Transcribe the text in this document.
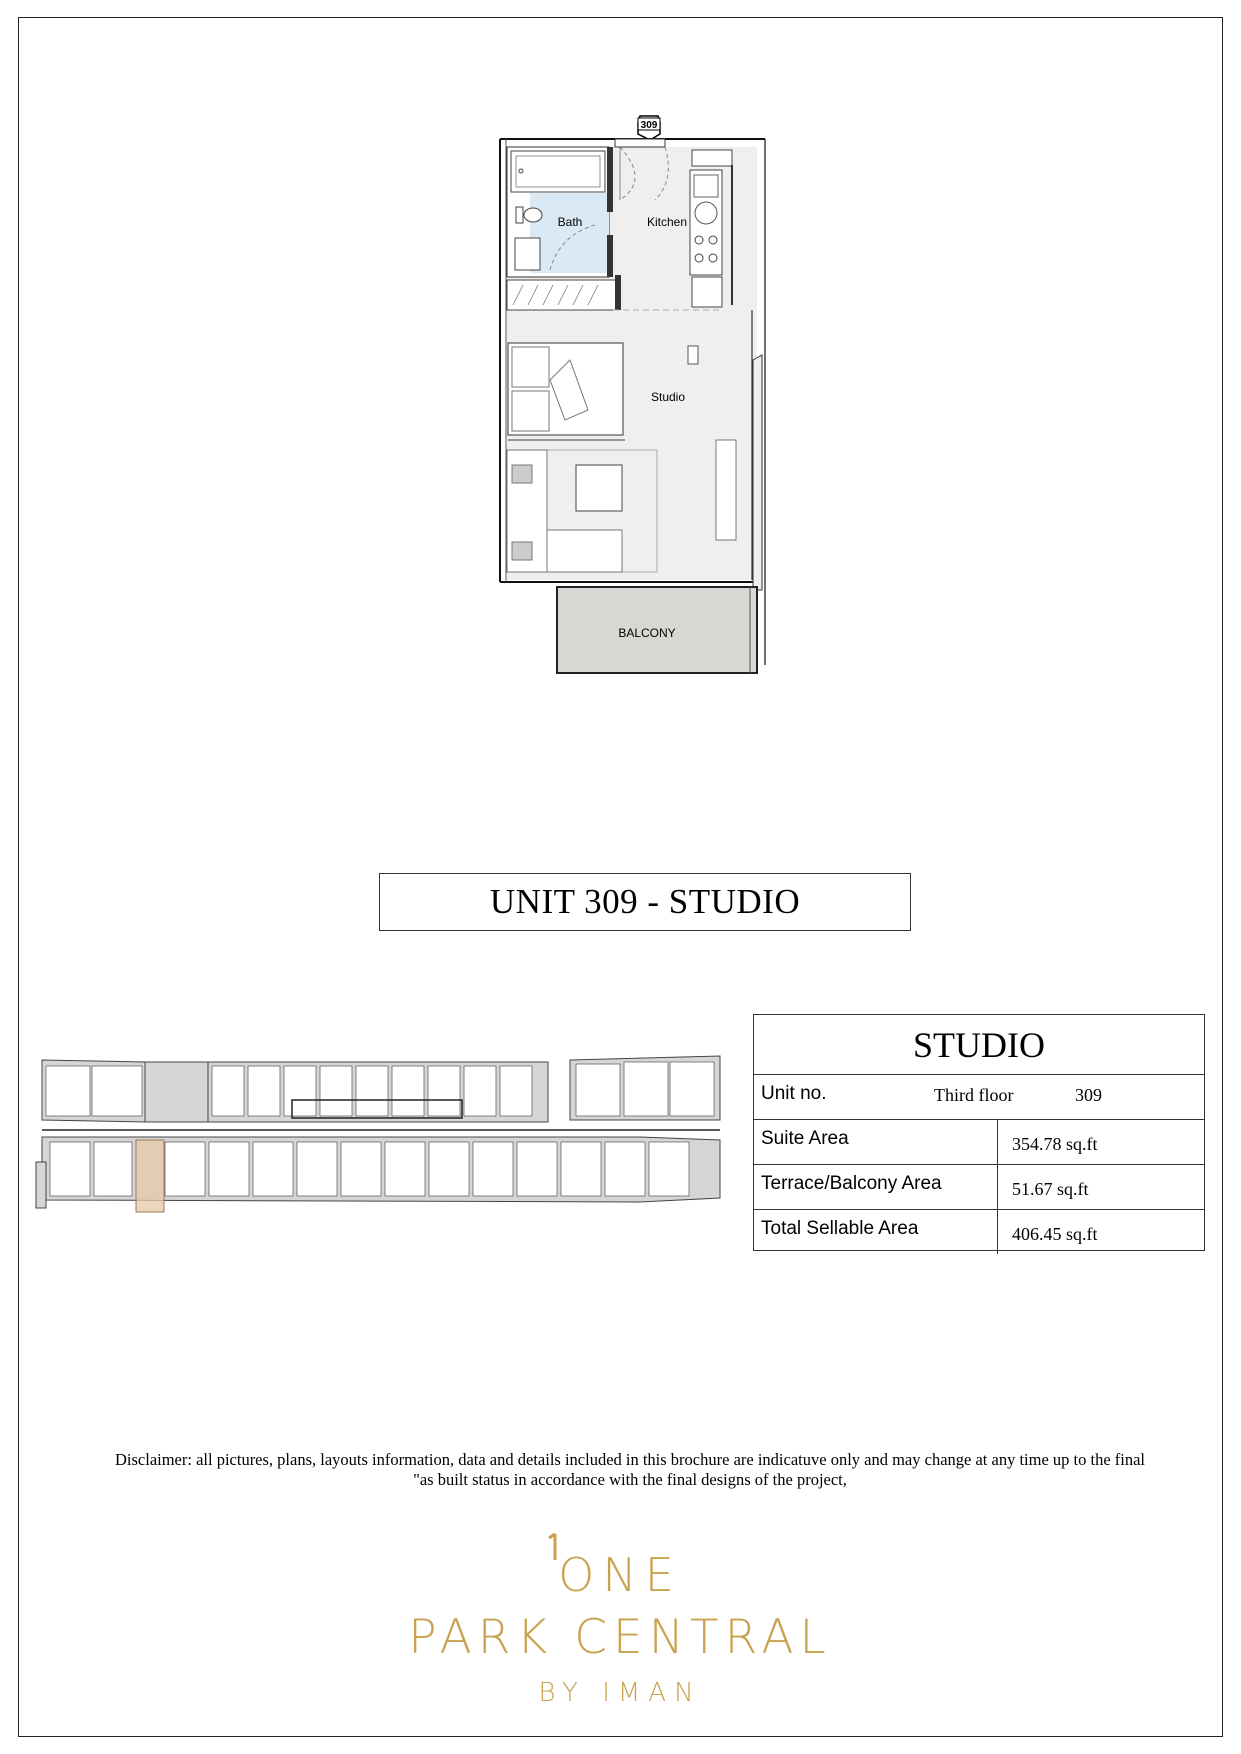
309
Bath	Kitchen
Studio
BALCONY
UNIT 309 - STUDIO
STUDIO
Unit no.	Third floor	309
Suite Area	354.78 sq.ft
Terrace/Balcony Area	51.67 sq.ft
Total Sellable Area	406.45 sq.ft
Disclaimer: all pictures, plans, layouts information, data and details included in this brochure are indicatuve only and may change at any time up to the final
"as built status in accordance with the final designs of the project,
ONE
PARK CENTRAL
BY IMAN
